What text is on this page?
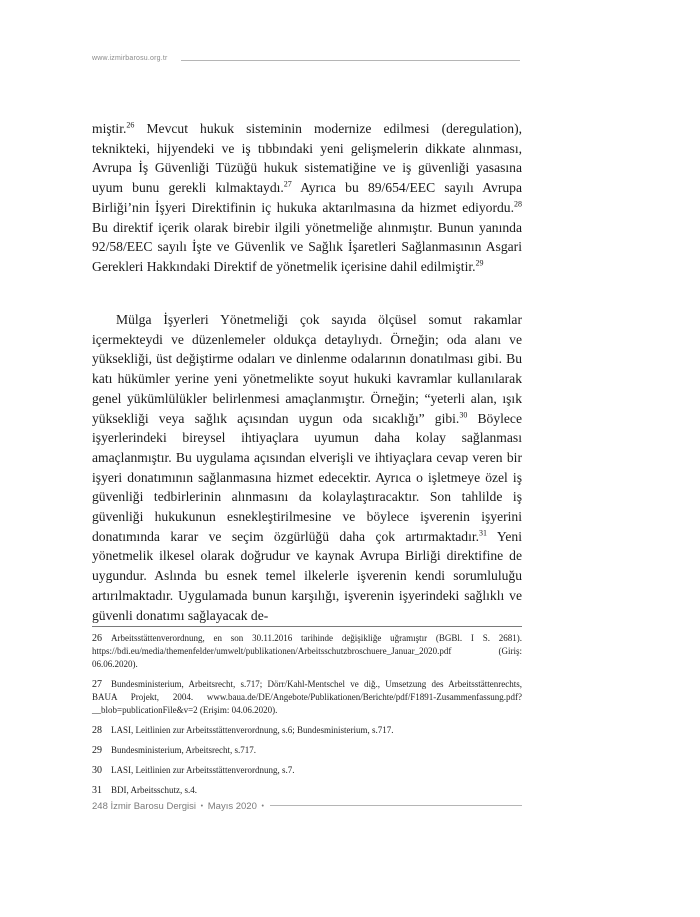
www.izmirbarosu.org.tr

miştir.$^{26}$ Mevcut hukuk sisteminin modernize edilmesi (deregulation), teknikteki, hijyendeki ve iş tıbbındaki yeni gelişmelerin dikkate alınması, Avrupa İş Güvenliği Tüzüğü hukuk sistematiğine ve iş güvenliği yasasına uyum bunu gerekli kılmaktaydı.$^{27}$ Ayrıca bu 89/654/EEC sayılı Avrupa Birliği’nin İşyeri Direktifinin iç hukuka aktarılmasına da hizmet ediyordu.$^{28}$ Bu direktif içerik olarak birebir ilgili yönetmeliğe alınmıştır. Bunun yanında 92/58/EEC sayılı İşte ve Güvenlik ve Sağlık İşaretleri Sağlanmasının Asgari Gerekleri Hakkındaki Direktif de yönetmelik içerisine dahil edilmiştir.$^{29}$

Mülga İşyerleri Yönetmeliği çok sayıda ölçüsel somut rakamlar içermekteydi ve düzenlemeler oldukça detaylıydı. Örneğin; oda alanı ve yüksekliği, üst değiştirme odaları ve dinlenme odalarının donatılması gibi. Bu katı hükümler yerine yeni yönetmelikte soyut hukuki kavramlar kullanılarak genel yükümlülükler belirlenmesi amaçlanmıştır. Örneğin; “yeterli alan, ışık yüksekliği veya sağlık açısından uygun oda sıcaklığı” gibi.$^{30}$ Böylece işyerlerindeki bireysel ihtiyaçlara uyumun daha kolay sağlanması amaçlanmıştır. Bu uygulama açısından elverişli ve ihtiyaçlara cevap veren bir işyeri donatımının sağlanmasına hizmet edecektir. Ayrıca o işletmeye özel iş güvenliği tedbirlerinin alınmasını da kolaylaştıracaktır. Son tahlilde iş güvenliği hukukunun esnekleştirilmesine ve böylece işverenin işyerini donatımında karar ve seçim özgürlüğü daha çok artırmaktadır.$^{31}$ Yeni yönetmelik ilkesel olarak doğrudur ve kaynak Avrupa Birliği direktifine de uygundur. Aslında bu esnek temel ilkelerle işverenin kendi sorumluluğu artırılmaktadır. Uygulamada bunun karşılığı, işverenin işyerindeki sağlıklı ve güvenli donatımı sağlayacak de-

26 Arbeitsstättenverordnung, en son 30.11.2016 tarihinde değişikliğe uğramıştır (BGBl. I S. 2681). https://bdi.eu/media/themenfelder/umwelt/publikationen/Arbeitsschutzbroschuere_Januar_2020.pdf (Giriş: 06.06.2020).
27 Bundesministerium, Arbeitsrecht, s.717; Dörr/Kahl-Mentschel ve diğ., Umsetzung des Arbeitsstättenrechts, BAUA Projekt, 2004. www.baua.de/DE/Angebote/Publikationen/Berichte/pdf/F1891-Zusammenfassung.pdf?__blob=publicationFile&v=2 (Erişim: 04.06.2020).
28 LASI, Leitlinien zur Arbeitsstättenverordnung, s.6; Bundesministerium, s.717.
29 Bundesministerium, Arbeitsrecht, s.717.
30 LASI, Leitlinien zur Arbeitsstättenverordnung, s.7.
31 BDI, Arbeitsschutz, s.4.
248 İzmir Barosu Dergisi • Mayıs 2020 •
